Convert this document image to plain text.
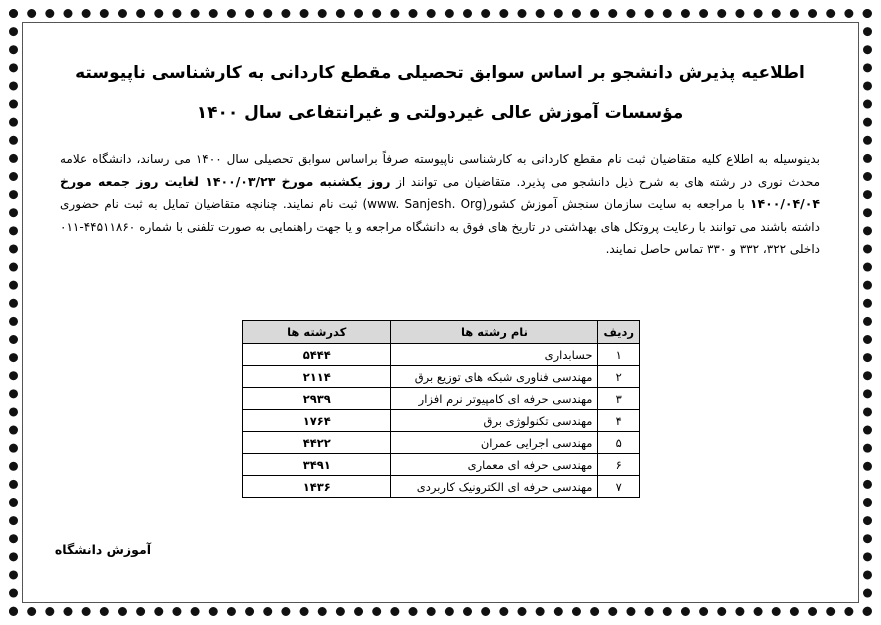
اطلاعیه پذیرش دانشجو بر اساس سوابق تحصیلی مقطع کاردانی به کارشناسی ناپیوسته
مؤسسات آموزش عالی غیردولتی و غیرانتفاعی سال ۱۴۰۰
بدینوسیله به اطلاع کلیه متقاضیان ثبت نام مقطع کاردانی به کارشناسی ناپیوسته صرفاً براساس سوابق تحصیلی سال ۱۴۰۰ می رساند، دانشگاه علامه محدث نوری در رشته های به شرح ذیل دانشجو می پذیرد. متقاضیان می توانند از روز یکشنبه مورخ ۱۴۰۰/۰۳/۲۳ لغایت روز جمعه مورخ ۱۴۰۰/۰۴/۰۴ با مراجعه به سایت سازمان سنجش آموزش کشور(www. Sanjesh. Org) ثبت نام نمایند. چنانچه متقاضیان تمایل به ثبت نام حضوری داشته باشند می توانند با رعایت پروتکل های بهداشتی در تاریخ های فوق به دانشگاه مراجعه و یا جهت راهنمایی به صورت تلفنی با شماره ۴۴۵۱۱۸۶۰-۰۱۱ داخلی ۳۲۲، ۳۳۲ و ۳۳۰ تماس حاصل نمایند.
ردیف	نام رشته ها	کدرشته ها
۱	حسابداری	۵۴۴۴
۲	مهندسی فناوری شبکه های توزیع برق	۲۱۱۴
۳	مهندسی حرفه ای کامپیوتر نرم افزار	۲۹۳۹
۴	مهندسی تکنولوژی برق	۱۷۶۴
۵	مهندسی اجرایی عمران	۴۴۲۲
۶	مهندسی حرفه ای معماری	۳۴۹۱
۷	مهندسی حرفه ای الکترونیک کاربردی	۱۴۳۶
آموزش دانشگاه
